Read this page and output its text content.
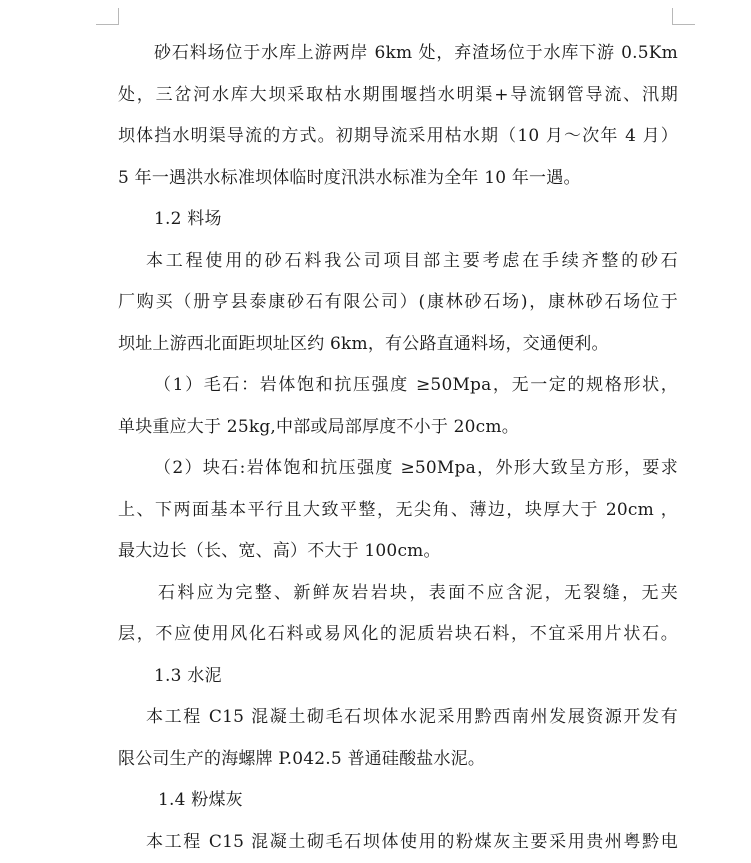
砂石料场位于水库上游两岸 6km 处，弃渣场位于水库下游 0.5Km
处，三岔河水库大坝采取枯水期围堰挡水明渠+导流钢管导流、汛期
坝体挡水明渠导流的方式。初期导流采用枯水期（10 月～次年 4 月）
5 年一遇洪水标准坝体临时度汛洪水标准为全年 10 年一遇。
1.2 料场
本工程使用的砂石料我公司项目部主要考虑在手续齐整的砂石
厂购买（册亨县泰康砂石有限公司）(康林砂石场)，康林砂石场位于
坝址上游西北面距坝址区约 6km，有公路直通料场，交通便利。
（1）毛石：岩体饱和抗压强度 ≥50Mpa，无一定的规格形状，
单块重应大于 25kg,中部或局部厚度不小于 20cm。
（2）块石:岩体饱和抗压强度 ≥50Mpa，外形大致呈方形，要求
上、下两面基本平行且大致平整，无尖角、薄边，块厚大于 20cm ，
最大边长（长、宽、高）不大于 100cm。
石料应为完整、新鲜灰岩岩块，表面不应含泥，无裂缝，无夹
层，不应使用风化石料或易风化的泥质岩块石料，不宜采用片状石。
1.3 水泥
本工程 C15 混凝土砌毛石坝体水泥采用黔西南州发展资源开发有
限公司生产的海螺牌 P.042.5 普通硅酸盐水泥。
1.4 粉煤灰
本工程 C15 混凝土砌毛石坝体使用的粉煤灰主要采用贵州粤黔电
